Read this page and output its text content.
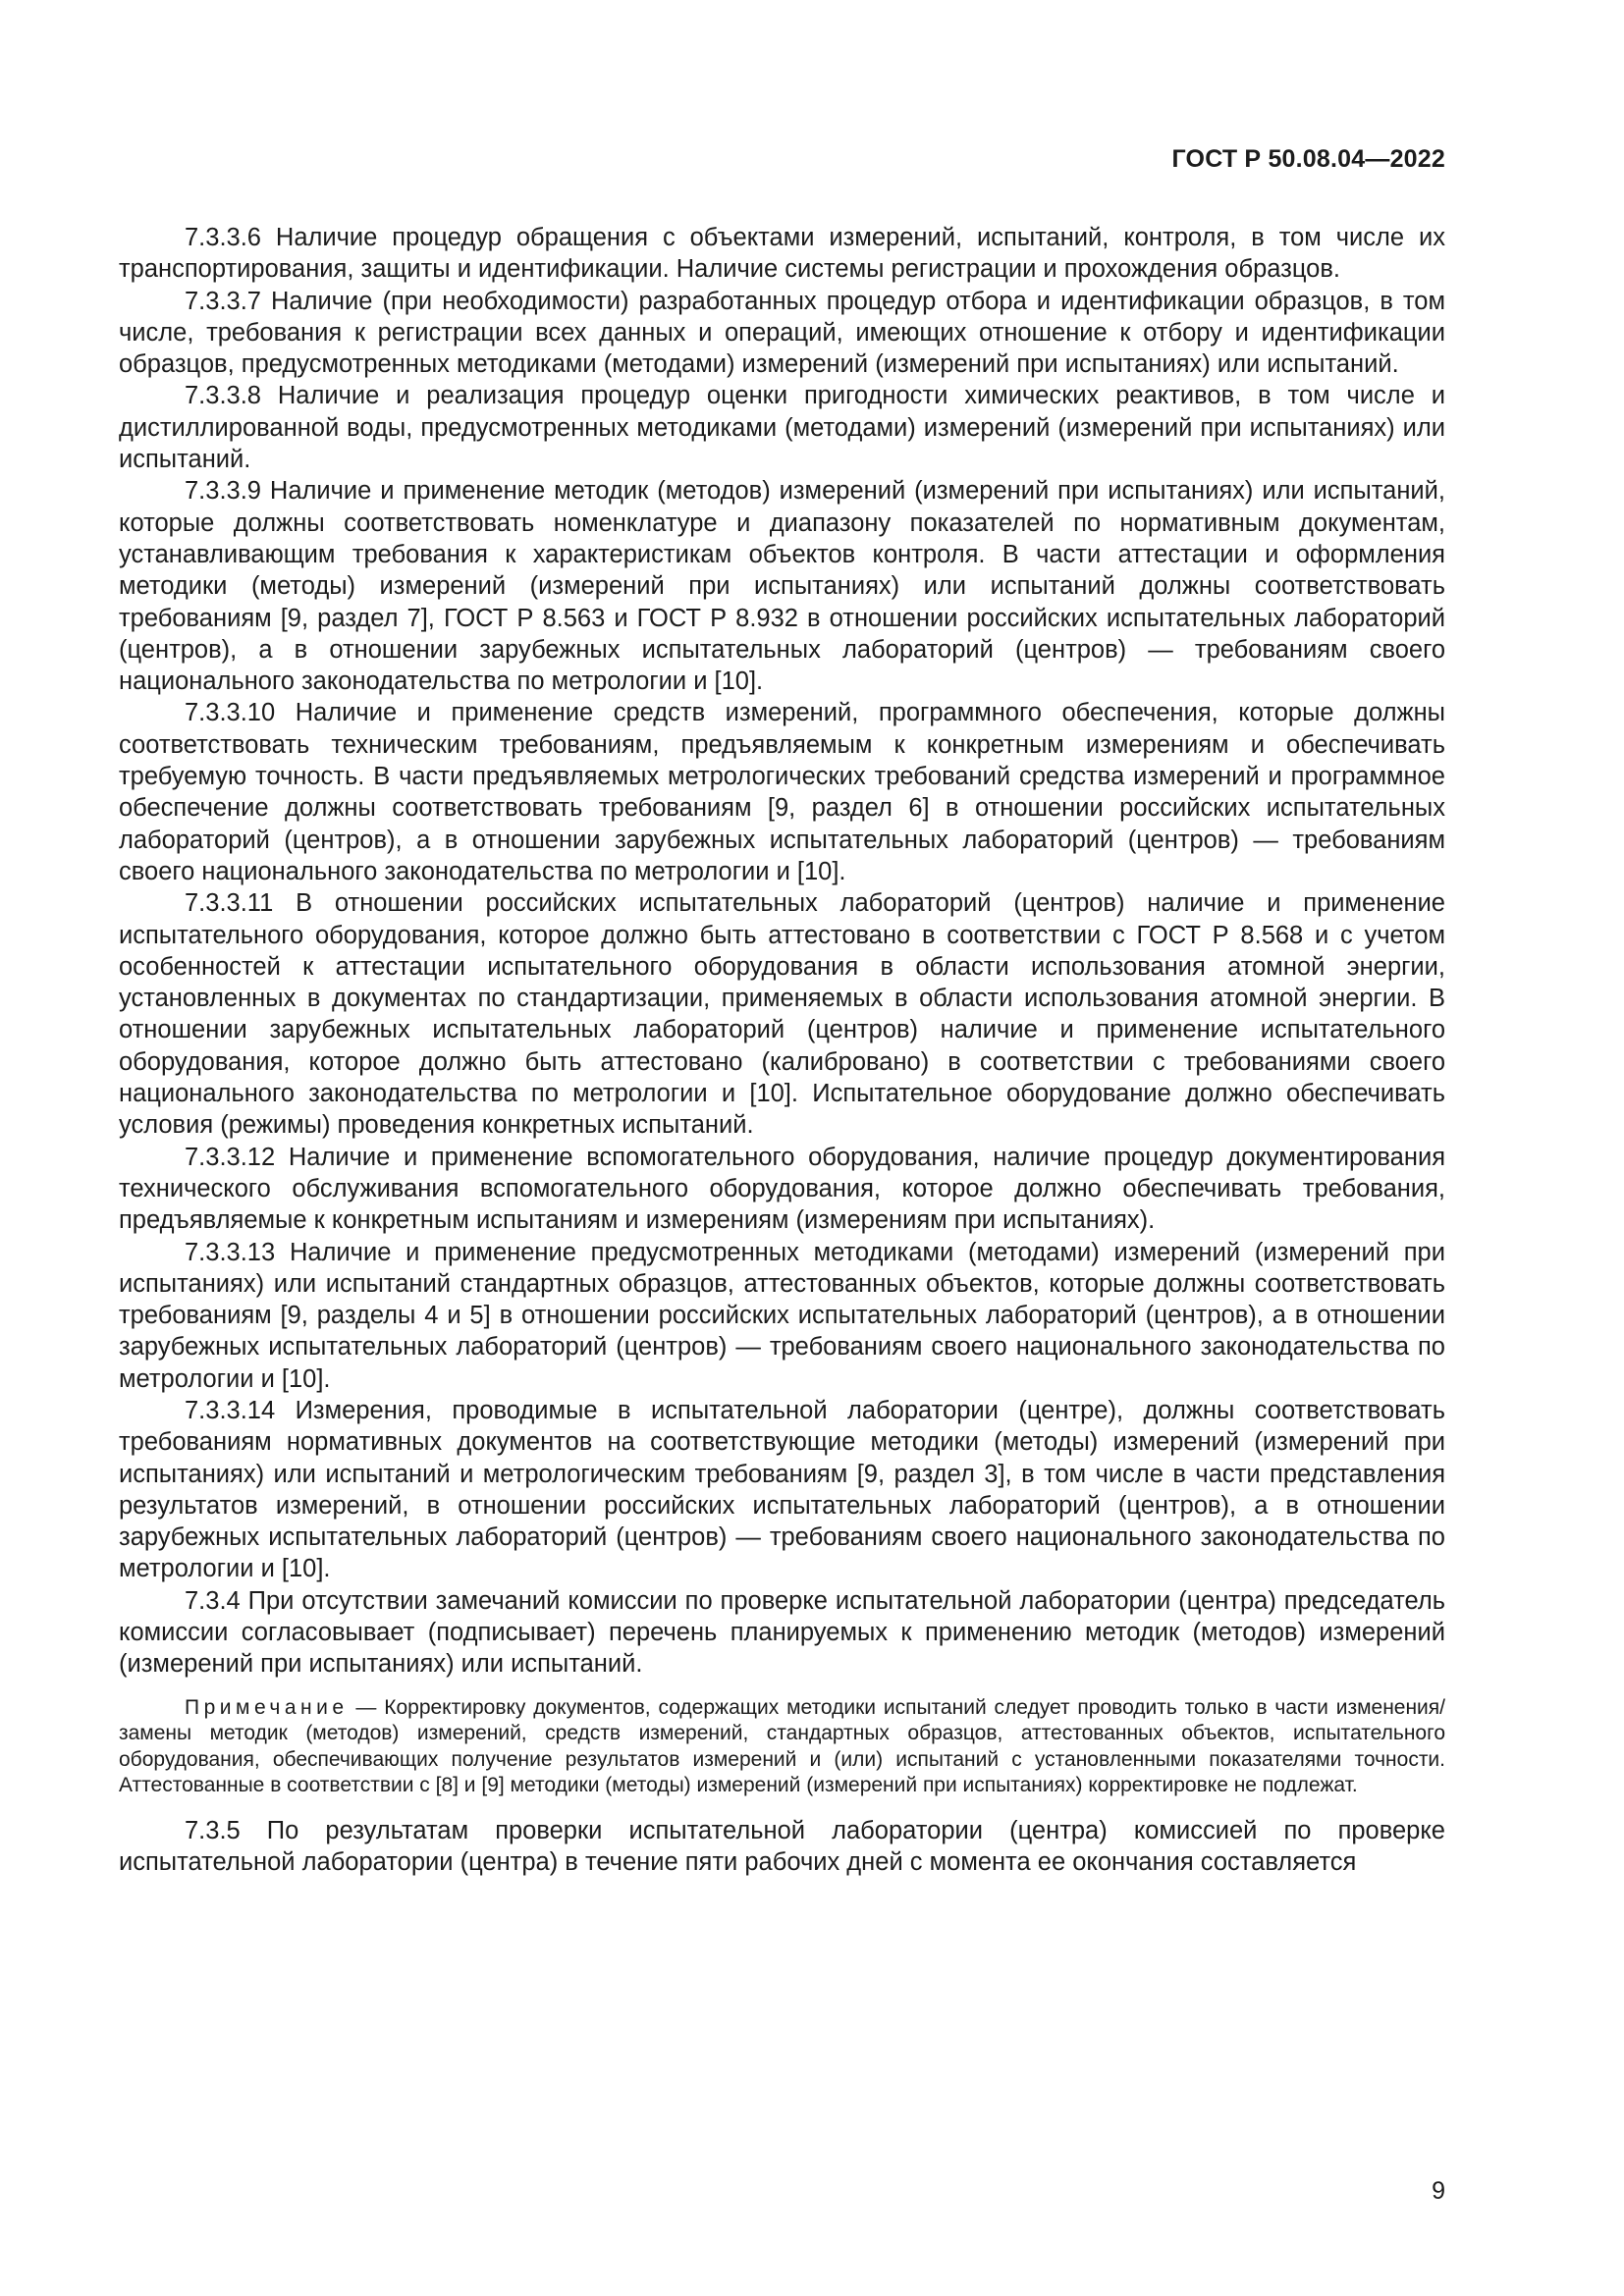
ГОСТ Р 50.08.04—2022

7.3.3.6 Наличие процедур обращения с объектами измерений, испытаний, контроля, в том числе их транспортирования, защиты и идентификации. Наличие системы регистрации и прохождения образцов.

7.3.3.7 Наличие (при необходимости) разработанных процедур отбора и идентификации образцов, в том числе, требования к регистрации всех данных и операций, имеющих отношение к отбору и идентификации образцов, предусмотренных методиками (методами) измерений (измерений при испытаниях) или испытаний.

7.3.3.8 Наличие и реализация процедур оценки пригодности химических реактивов, в том числе и дистиллированной воды, предусмотренных методиками (методами) измерений (измерений при испытаниях) или испытаний.

7.3.3.9 Наличие и применение методик (методов) измерений (измерений при испытаниях) или испытаний, которые должны соответствовать номенклатуре и диапазону показателей по нормативным документам, устанавливающим требования к характеристикам объектов контроля. В части аттестации и оформления методики (методы) измерений (измерений при испытаниях) или испытаний должны соответствовать требованиям [9, раздел 7], ГОСТ Р 8.563 и ГОСТ Р 8.932 в отношении российских испытательных лабораторий (центров), а в отношении зарубежных испытательных лабораторий (центров) — требованиям своего национального законодательства по метрологии и [10].

7.3.3.10 Наличие и применение средств измерений, программного обеспечения, которые должны соответствовать техническим требованиям, предъявляемым к конкретным измерениям и обеспечивать требуемую точность. В части предъявляемых метрологических требований средства измерений и программное обеспечение должны соответствовать требованиям [9, раздел 6] в отношении российских испытательных лабораторий (центров), а в отношении зарубежных испытательных лабораторий (центров) — требованиям своего национального законодательства по метрологии и [10].

7.3.3.11 В отношении российских испытательных лабораторий (центров) наличие и применение испытательного оборудования, которое должно быть аттестовано в соответствии с ГОСТ Р 8.568 и с учетом особенностей к аттестации испытательного оборудования в области использования атомной энергии, установленных в документах по стандартизации, применяемых в области использования атомной энергии. В отношении зарубежных испытательных лабораторий (центров) наличие и применение испытательного оборудования, которое должно быть аттестовано (калибровано) в соответствии с требованиями своего национального законодательства по метрологии и [10]. Испытательное оборудование должно обеспечивать условия (режимы) проведения конкретных испытаний.

7.3.3.12 Наличие и применение вспомогательного оборудования, наличие процедур документирования технического обслуживания вспомогательного оборудования, которое должно обеспечивать требования, предъявляемые к конкретным испытаниям и измерениям (измерениям при испытаниях).

7.3.3.13 Наличие и применение предусмотренных методиками (методами) измерений (измерений при испытаниях) или испытаний стандартных образцов, аттестованных объектов, которые должны соответствовать требованиям [9, разделы 4 и 5] в отношении российских испытательных лабораторий (центров), а в отношении зарубежных испытательных лабораторий (центров) — требованиям своего национального законодательства по метрологии и [10].

7.3.3.14 Измерения, проводимые в испытательной лаборатории (центре), должны соответствовать требованиям нормативных документов на соответствующие методики (методы) измерений (измерений при испытаниях) или испытаний и метрологическим требованиям [9, раздел 3], в том числе в части представления результатов измерений, в отношении российских испытательных лабораторий (центров), а в отношении зарубежных испытательных лабораторий (центров) — требованиям своего национального законодательства по метрологии и [10].

7.3.4 При отсутствии замечаний комиссии по проверке испытательной лаборатории (центра) председатель комиссии согласовывает (подписывает) перечень планируемых к применению методик (методов) измерений (измерений при испытаниях) или испытаний.

Примечание — Корректировку документов, содержащих методики испытаний следует проводить только в части изменения/замены методик (методов) измерений, средств измерений, стандартных образцов, аттестованных объектов, испытательного оборудования, обеспечивающих получение результатов измерений и (или) испытаний с установленными показателями точности. Аттестованные в соответствии с [8] и [9] методики (методы) измерений (измерений при испытаниях) корректировке не подлежат.

7.3.5 По результатам проверки испытательной лаборатории (центра) комиссией по проверке испытательной лаборатории (центра) в течение пяти рабочих дней с момента ее окончания составляется

9
